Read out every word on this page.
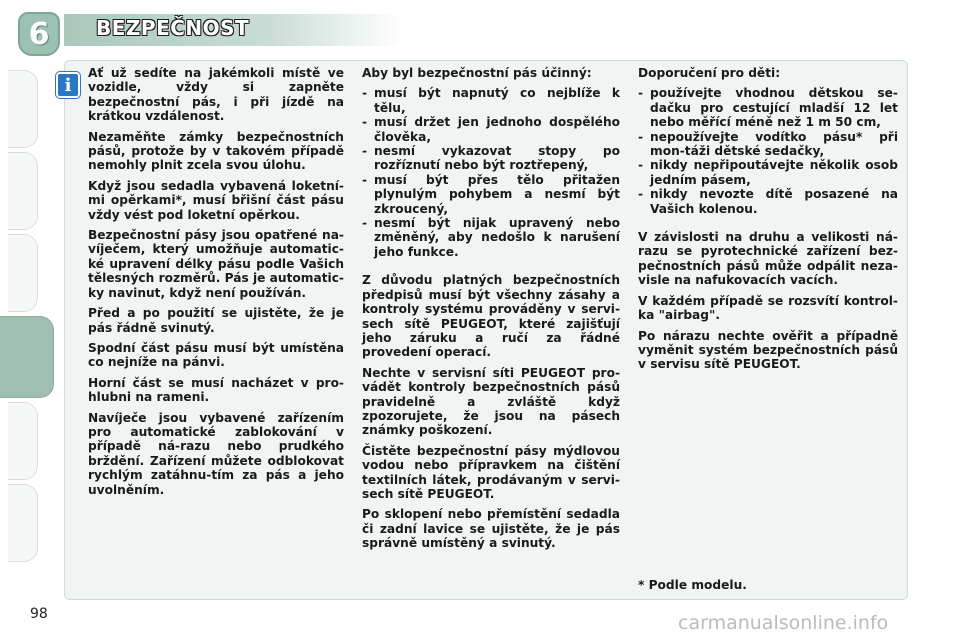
6 BEZPEČNOST
i

Ať už sedíte na jakémkoli místě ve vozidle, vždy si zapněte bezpečnostní pás, i při jízdě na krátkou vzdálenost.

Nezaměňte zámky bezpečnostních pásů, protože by v takovém případě nemohly plnit zcela svou úlohu.

Když jsou sedadla vybavená loketní-mi opěrkami*, musí břišní část pásu vždy vést pod loketní opěrkou.

Bezpečnostní pásy jsou opatřené na-víječem, který umožňuje automatic-ké upravení délky pásu podle Vašich tělesných rozměrů. Pás je automatic-ky navinut, když není používán.

Před a po použití se ujistěte, že je pás řádně svinutý.

Spodní část pásu musí být umístěna co nejníže na pánvi.

Horní část se musí nacházet v pro-hlubni na rameni.

Navíječe jsou vybavené zařízením pro automatické zablokování v případě ná-razu nebo prudkého brždění. Zařízení můžete odblokovat rychlým zatáhnu-tím za pás a jeho uvolněním.

Aby byl bezpečnostní pás účinný:

- musí být napnutý co nejblíže k tělu,
- musí držet jen jednoho dospělého člověka,
- nesmí vykazovat stopy po rozříznutí nebo být roztřepený,
- musí být přes tělo přitažen plynulým pohybem a nesmí být zkroucený,
- nesmí být nijak upravený nebo změněný, aby nedošlo k narušení jeho funkce.

Z důvodu platných bezpečnostních předpisů musí být všechny zásahy a kontroly systému prováděny v servi-sech sítě PEUGEOT, které zajišťují jeho záruku a ručí za řádné provedení operací.

Nechte v servisní síti PEUGEOT pro-vádět kontroly bezpečnostních pásů pravidelně a zvláště když zpozorujete, že jsou na pásech známky poškození.

Čistěte bezpečnostní pásy mýdlovou vodou nebo přípravkem na čištění textilních látek, prodávaným v servi-sech sítě PEUGEOT.

Po sklopení nebo přemístění sedadla či zadní lavice se ujistěte, že je pás správně umístěný a svinutý.

Doporučení pro děti:

- používejte vhodnou dětskou se-dačku pro cestující mladší 12 let nebo měřící méně než 1 m 50 cm,
- nepoužívejte vodítko pásu* při mon-táži dětské sedačky,
- nikdy nepřipoutávejte několik osob jedním pásem,
- nikdy nevozte dítě posazené na Vašich kolenou.

V závislosti na druhu a velikosti ná-razu se pyrotechnické zařízení bez-pečnostních pásů může odpálit neza-visle na nafukovacích vacích.

V každém případě se rozsvítí kontrol-ka "airbag".

Po nárazu nechte ověřit a případně vyměnit systém bezpečnostních pásů v servisu sítě PEUGEOT.

* Podle modelu.
98	carmanualsonline.info
